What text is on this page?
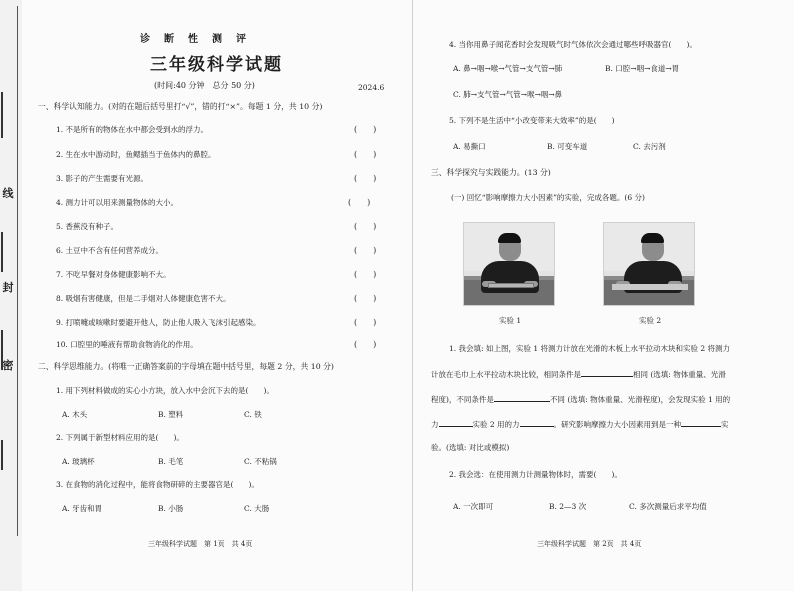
线
封
密
诊断性测评
三年级科学试题
(时间:40 分钟　总分 50 分)	2024.6
一、科学认知能力。(对的在题后括号里打“√”，错的打“×”。每题 1 分，共 10 分)
1. 不是所有的物体在水中都会受到水的浮力。	(　　)
2. 生在水中游动时，鱼鳃插当于鱼体内的鼻腔。	(　　)
3. 影子的产生需要有光源。	(　　)
4. 测力计可以用来测量物体的大小。	(　　)
5. 香蕉没有种子。	(　　)
6. 土豆中不含有任何营养成分。	(　　)
7. 不吃早餐对身体健康影响不大。	(　　)
8. 吸烟有害健康，但是二手烟对人体健康危害不大。	(　　)
9. 打喷嚏或咳嗽时要避开他人，防止他人吸入飞沫引起感染。	(　　)
10. 口腔里的唾液有帮助食物消化的作用。	(　　)
二、科学思维能力。(将唯一正确答案前的字母填在题中括号里，每题 2 分，共 10 分)
1. 用下列材料做成的实心小方块，放入水中会沉下去的是(　　)。
A. 木头	B. 塑料	C. 铁
2. 下列属于新型材料应用的是(　　)。
A. 玻璃杯	B. 毛笔	C. 不粘锅
3. 在食物的消化过程中，能将食物研碎的主要器官是(　　)。
A. 牙齿和胃	B. 小肠	C. 大肠
三年级科学试题　第 1页　共 4页
4. 当你用鼻子闻花香时会发现吸气时气体依次会通过哪些呼吸器官(　　)。
A. 鼻→咽→喉→气管→支气管→肺	B. 口腔→咽→食道→胃
C. 肺→支气管→气管→喉→咽→鼻
5. 下列不是生活中“小改变带来大效率”的是(　　)
A. 易撕口	B. 可变车道	C. 去污剂
三、科学探究与实践能力。(13 分)
(一) 回忆“影响摩擦力大小因素”的实验，完成各题。(6 分)
实验 1	实验 2
1. 我会填: 如上图，实验 1 将测力计放在光滑的木板上水平拉动木块和实验 2 将测力
计放在毛巾上水平拉动木块比较，相同条件是	相同 (选填: 物体重量、光滑
程度)，不同条件是	不同 (选填: 物体重量、光滑程度)，会发现实验 1 用的
力	实验 2 用的力	。研究影响摩擦力大小因素用到是一种	实
验。(选填: 对比或模拟)
2. 我会选：在使用测力计测量物体时，需要(　　)。
A. 一次即可	B. 2—3 次	C. 多次测量后求平均值
三年级科学试题　第 2页　共 4页
